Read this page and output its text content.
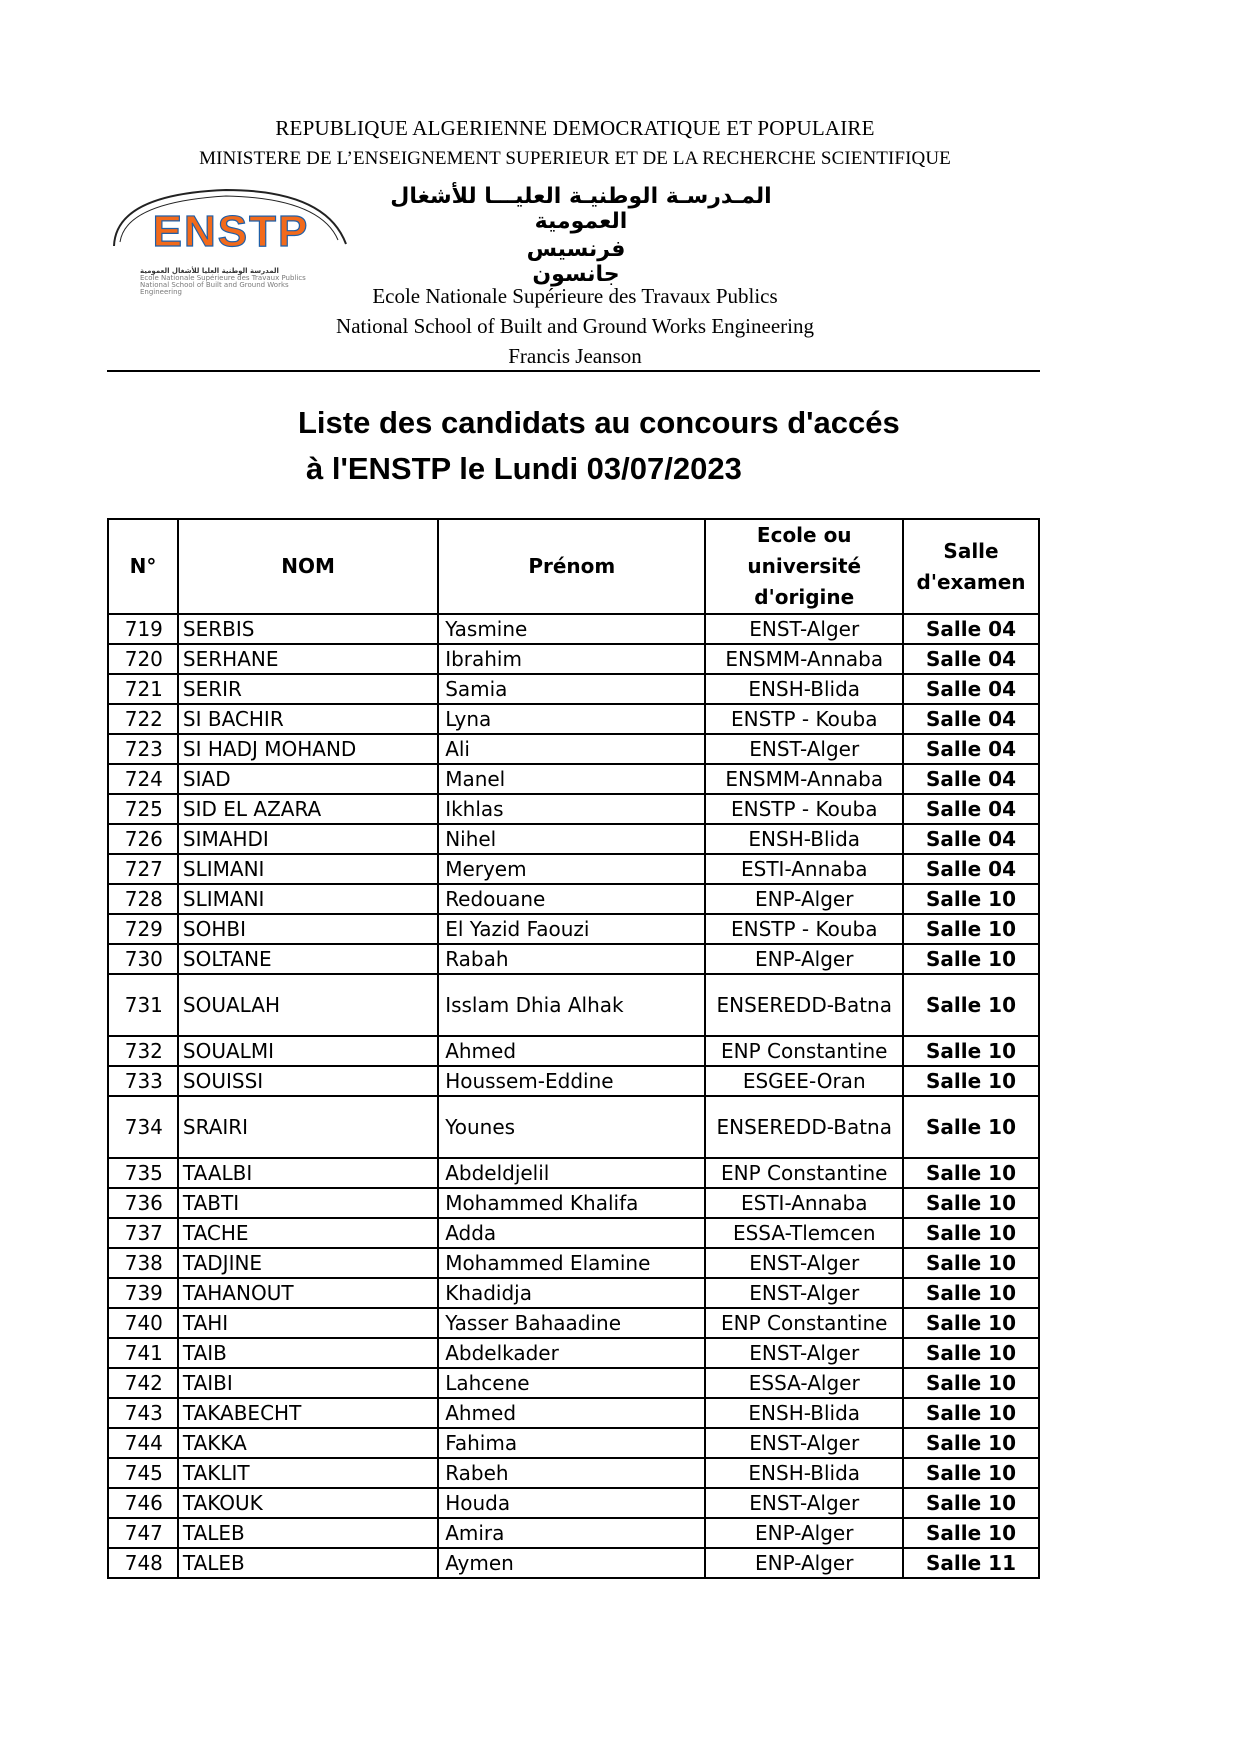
REPUBLIQUE ALGERIENNE DEMOCRATIQUE ET POPULAIRE
MINISTERE DE L’ENSEIGNEMENT SUPERIEUR ET DE LA RECHERCHE SCIENTIFIQUE
ENSTP
المدرسة الوطنية العليا للأشغال العمومية
Ecole Nationale Supérieure des Travaux Publics
National School of Built and Ground Works Engineering
المـدرسـة الوطنيـة العليـــا للأشغال العمومية
فرنسيس جانسون
Ecole Nationale Supérieure des Travaux Publics
National School of Built and Ground Works Engineering
Francis Jeanson
Liste des candidats au concours d'accés
à l'ENSTP le Lundi 03/07/2023
N°	NOM	Prénom	Ecole ou université d'origine	Salle d'examen
719	SERBIS	Yasmine	ENST-Alger	Salle 04
720	SERHANE	Ibrahim	ENSMM-Annaba	Salle 04
721	SERIR	Samia	ENSH-Blida	Salle 04
722	SI BACHIR	Lyna	ENSTP - Kouba	Salle 04
723	SI HADJ MOHAND	Ali	ENST-Alger	Salle 04
724	SIAD	Manel	ENSMM-Annaba	Salle 04
725	SID EL AZARA	Ikhlas	ENSTP - Kouba	Salle 04
726	SIMAHDI	Nihel	ENSH-Blida	Salle 04
727	SLIMANI	Meryem	ESTI-Annaba	Salle 04
728	SLIMANI	Redouane	ENP-Alger	Salle 10
729	SOHBI	El Yazid Faouzi	ENSTP - Kouba	Salle 10
730	SOLTANE	Rabah	ENP-Alger	Salle 10
731	SOUALAH	Isslam Dhia Alhak	ENSEREDD-Batna	Salle 10
732	SOUALMI	Ahmed	ENP Constantine	Salle 10
733	SOUISSI	Houssem-Eddine	ESGEE-Oran	Salle 10
734	SRAIRI	Younes	ENSEREDD-Batna	Salle 10
735	TAALBI	Abdeldjelil	ENP Constantine	Salle 10
736	TABTI	Mohammed Khalifa	ESTI-Annaba	Salle 10
737	TACHE	Adda	ESSA-Tlemcen	Salle 10
738	TADJINE	Mohammed Elamine	ENST-Alger	Salle 10
739	TAHANOUT	Khadidja	ENST-Alger	Salle 10
740	TAHI	Yasser Bahaadine	ENP Constantine	Salle 10
741	TAIB	Abdelkader	ENST-Alger	Salle 10
742	TAIBI	Lahcene	ESSA-Alger	Salle 10
743	TAKABECHT	Ahmed	ENSH-Blida	Salle 10
744	TAKKA	Fahima	ENST-Alger	Salle 10
745	TAKLIT	Rabeh	ENSH-Blida	Salle 10
746	TAKOUK	Houda	ENST-Alger	Salle 10
747	TALEB	Amira	ENP-Alger	Salle 10
748	TALEB	Aymen	ENP-Alger	Salle 11
